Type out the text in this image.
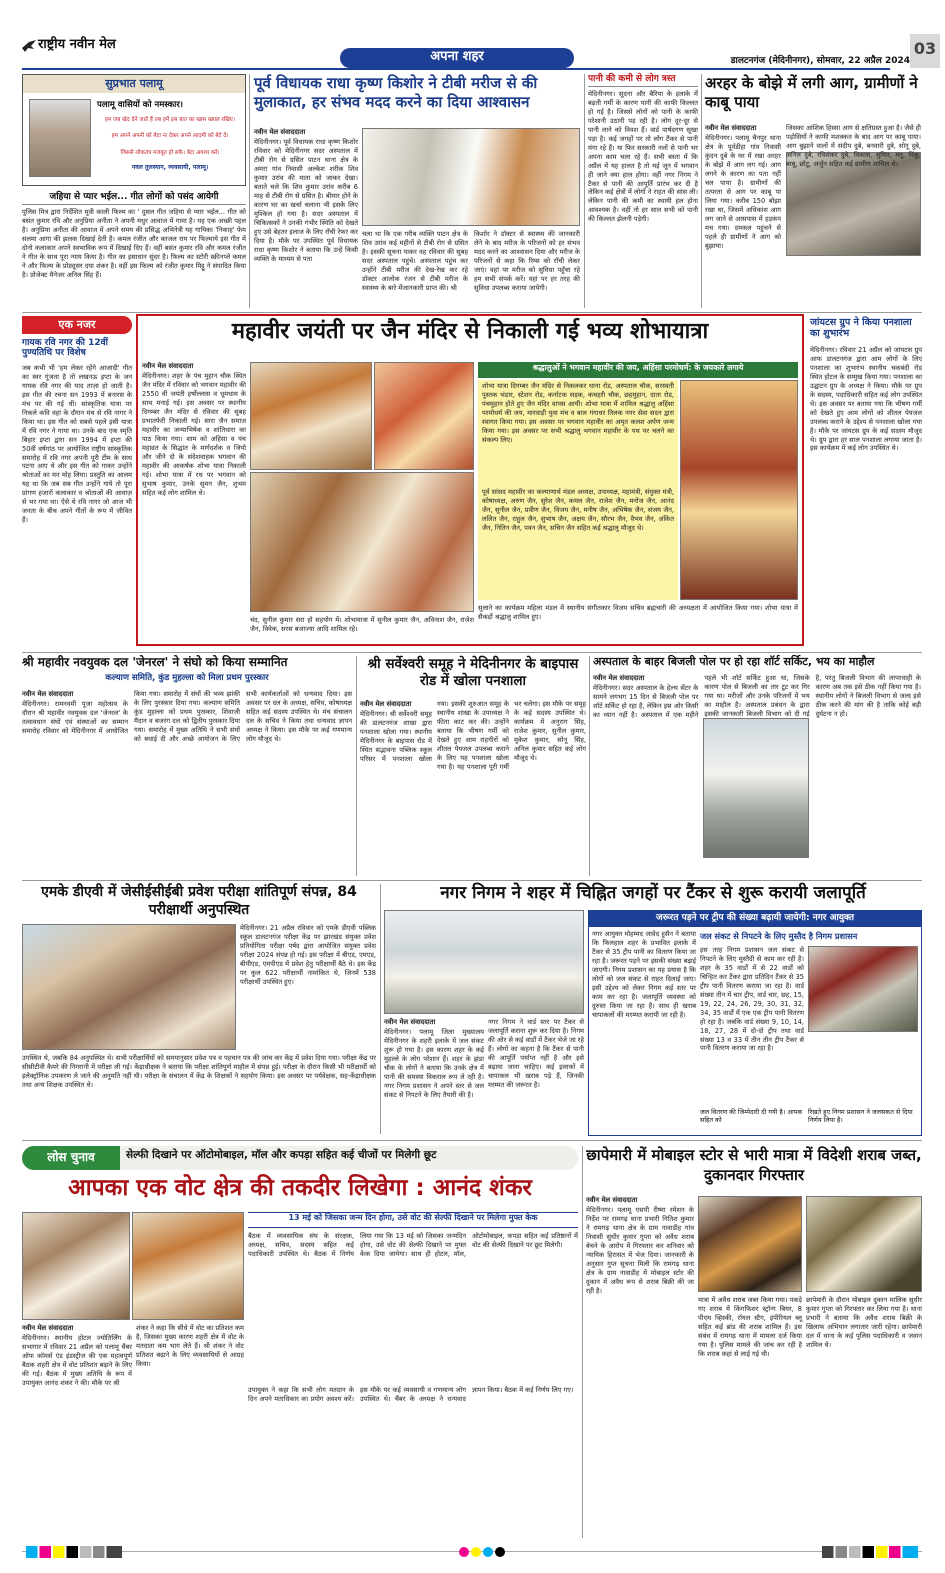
राष्ट्रीय नवीन मेल
अपना शहर	डालटनगंज (मेदिनीनगर), सोमवार, 22 अप्रैल 2024
03
सुप्रभात पलामू
पलामू वासियों को नमस्कार।
हम जब खेद देने जाते हैं तब हमें इस बात का खास ख्याल रखिए।
हम अपने अपनी को बेटा ना देकर अपने आदमी को बेटे दें।
जिससे लोकतंत्र मजबूत हो सके। बेटा अवश्य करें।
नवल तुलस्यान, व्यवसायी, पलामू।
जहिया से प्यार भईल... गीत लोगों को पसंद आयेगी
पुलिस मित्र द्वारा निर्देशित मूवी काली फिल्म का ' दुसल गीत जहिया से प्यार भईल... गीत को बसंत कुमार रवि और अनुप्रिया अनीता ने अपनी मधुर आवाज में गाया है। यह एक अच्छी पहल है। अनुप्रिया अनीता की आवाज में अपने समय की प्रसिद्ध अभिनेत्री यह गायिका 'निकाह' फेम सलमा आगा की झलक दिखाई देती है। कमल रंजीत और काजल राय पर फिल्माये इस गीत में दोनो कलाकार अपने स्वभाविक रूप में दिखाई दिए हैं। वहीं बसंत कुमार रवि और कमल रंजीत ने गीत के साथ पूरा न्याय किया है। गीत का इसाधान सुंदर है। फिल्म का स्टोरी स्क्रीनप्ले कमल ने और फिल्म के प्रोड्यूसर दया शंकर है। वहीं इस फिल्म को रंजीत कुमार मिट्ठू ने संपादित किया है। प्रोजेक्ट मैनेजर अनिल सिंह हैं।
पूर्व विधायक राधा कृष्ण किशोर ने टीबी मरीज से की मुलाकात, हर संभव मदद करने का दिया आश्वासन
नवीन मेल संवाददाता
मेदिनीनगर। पूर्व विधायक राधा कृष्ण किशोर रविवार को मेदिनीनगर सदर अस्पताल में टीबी रोग से ग्रसित पाटन थाना क्षेत्र के अमरा गांव निवासी अल्केश शरीक शिव कुमार उरांव की माता को जाकर देखा। बताते चले कि शिव कुमार उरांव करीब 6 माह से टीबी रोग से ग्रसित है। बीमार होने के कारण घर का खर्चा चलाना भी इसके लिए मुश्किल हो गया है। सदर अस्पताल में चिकित्सकों ने उनकी गंभीर स्थिति को देखते हुए उसे बेहतर इलाज के लिए राँची रेफर कर दिया है। मौके पर उपस्थित पूर्व विधायक राधा कृष्ण किशोर ने बताया कि उन्हें किसी व्यक्ति के माध्यम से पता
चला था कि एक गरीब व्यक्ति पाटन क्षेत्र के शिव उरांव कई महीनों से टीबी रोग से ग्रसित है। इसकी सूचना पाकर वह रविवार की सुबह सदर अस्पताल पहुंचे। अस्पताल पहुंच कर उन्होंने टीबी मरीज की देख-रेख कर रहे डॉक्टर आलोक रंजन से टीबी मरीज के स्वास्थ्य के बारे मेंजानकारी प्राप्त की। श्री
किशोर ने डॉक्टर से स्वास्थ्य की जानकारी लेने के बाद मरीज के परिजनों को हर संभव मदद करने का आश्वासन दिया और मरीज के परिजनों से कहा कि रिम्स को राँची लेकर जाएं। वहां पर मरीज को सुविधा पहुँचा रहे हम सभी संपर्क करें। वहां पर हर तरह की सुविधा उपलब्ध कराया जायेगी।
पानी की कमी से लोग त्रस्त
मेदिनीनगर। सूदना और बैरिया के इलाके में बढ़ती गर्मी के कारण पानी की काफी किल्लत हो गई है। जिससे लोगों को पानी के काफी परेशानी उठानी पड़ रही है। लोग दूर-दूर से पानी लाने को विवश हैं। वार्ड पार्षदगण सूखा पड़ा है। कई जगहों पर तो लोग टैंकर से पानी मंगा रहे हैं। या फिर सरकारी नलों से पानी भर अपना काम चला रहे हैं। सभी बस्ता में कि अप्रैल में यह हालत है तो मई जून में भगवान ही जाने क्या हाल होगा। वहीं नगर निगम ने टैंकर से पानी की आपूर्ति प्रारंभ कर दी है लेकिन कई क्षेत्रों में लोगों ने राहत की सांस ली। लेकिन पानी की कमी का स्थायी हल होना आवश्यक है। वहीं तो हर साल सभी को पानी की किल्लत झेलनी पड़ेगी।
अरहर के बोझे में लगी आग, ग्रामीणों ने काबू पाया
नवीन मेल संवाददाता
मेदिनीनगर। पलामू चैनपुर थाना क्षेत्र के पूर्वडीहा गांव निवासी कुंदन दुबे के घर में रखा अरहर के बोझे में आग लग गई। आग लगने के कारण का पता नहीं चल पाया है। ग्रामीणों की तत्परता से आग पर काबू पा लिया गया। करीब 150 बोझा रखा था, जिसमें अधिकांश आग लग जाने से आसपास में हड़कंप मच गया। दमकल पहुंचने से पहले ही ग्रामीणों ने आग को बुझाया।
जिसका आंशिक हिस्सा आग से क्षतिग्रस्त हुआ है। जैसे ही पड़ोसियों ने काफी मशक्कत के बाद आग पर काबू पाया। आग बुझाने वालों में संदीप दुबे, बनवारी दुबे, सोनू दुबे, अनिल दुबे, रविशंकर दुबे, विकास, सुमित, मनु, पिंकू, बाबू, छोटू, अर्जुन सहित कई ग्रामीण शामिल थे।
एक नजर
गायक रवि नगर की 12वीं पुण्यतिथि पर विशेष
जब कभी भी 'हम लेकर रहेंगे आजादी' गीत का स्वर गूंजता है तो लखनऊ इप्टा के जन गायक रवि नगर की याद ताज़ा हो जाती है। इस गीत की रचना सन 1993 में बनारस के मंच पर की गई थी। सांस्कृतिक यात्रा पर निकले कवि वहां के दौरान मंच से रवि नागर ने किया था। इस गीत को सबसे पहले इसी यात्रा में रवि नगर ने गाया था। उनके बाद एक स्मृति बिहार इप्टा द्वारा सन 1994 में इप्टा की 50वीं वर्षगांठ पर आयोजित राष्ट्रीय सांस्कृतिक समारोह में रवि नगर अपनी पूरी टीम के साथ पटना आए थे और इस गीत को गाकर उन्होंने श्रोताओं का मन मोह लिया। प्रस्तुति का आलम यह था कि जब सब गीत उन्होंने गाये तो पूरा प्रांगण हजारों कलाकार व श्रोताओं की आवाज़ से भर गया था। ऐसे थे रवि नागर जो आज भी जनता के बीच अपने गीतों के रूप में जीवित हैं।
महावीर जयंती पर जैन मंदिर से निकाली गई भव्य शोभायात्रा
नवीन मेल संवाददाता
मेदिनीनगर। शहर के पंच मुहान चौक स्थित जैन मंदिर में रविवार को भगवान महावीर की 2550 वीं जयंती हर्षोल्लास व धूमधाम के साथ मनाई गई। इस अवसर पर स्थानीय दिगम्बर जैन मंदिर से रविवार की सुबह प्रभातफेरी निकाली गई। सारा जैन समाज महावीर का जन्माभिषेक व शांतिधारा का पाठ किया गया। शाम को अहिंसा व पंच महाव्रत के सिद्धांत के मार्गदर्शक व जियो और जीने दो के संदेशवाहक भगवान की महावीर की आकर्षक शोभा यात्रा निकाली गई। शोभा यात्रा में रथ पर भगवान को सुभाष कुमार, उनके सुमन जैन, शुभम सहित कई लोग शामिल थे।
चंद, सुनील कुमार सरा हो सहयोग में। शोभायात्रा में सुनील कुमार जैन, अविनाश जैन, राजेश जैन, विवेक, सरस बजाज्या आदि शामिल रहे।
श्रद्धालुओं ने भगवान महावीर की जय, अहिंसा परमोधर्म: के जयकारे लगाये
शोभा यात्रा दिगम्बर जैन मंदिर से निकलकर थाना रोड, अस्पताल चौक, सरस्वती पुस्तक भंडार, स्टेशन रोड, कर्नाटक सड़क, कचहरी चौक, छहमुहान, दाता रोड, पंचमुहान होते हुए जैन मंदिर वापस आयी। शोभा यात्रा में शामिल श्रद्धालु अहिंसा परमोधर्म की जय, मारवाड़ी युवा मंच व बाल गंगाधर तिलक नगर सेवा सदन द्वारा स्वागत किया गया। इस अवसर पर भगवान महावीर का अमृत कलश अर्पण जन्म किया गया। इस अवसर पर सभी श्रद्धालु भगवान महावीर के पथ पर चलने का संकल्प लिए।
पूर्व सांसद महावीर का कल्याणार्थ मंडल अध्यक्ष, उपाध्यक्ष, महामंत्री, संयुक्त मंत्री, कोषाध्यक्ष, अरुण जैन, सुरेश जैन, कमल जैन, राजेश जैन, मनोज जैन, आनंद जैन, सुनील जैन, प्रवीण जैन, विजय जैन, मनीष जैन, अभिषेक जैन, संजय जैन, ललित जैन, राहुल जैन, सुभाष जैन, अक्षय जैन, सौरभ जैन, वैभव जैन, अंकित जैन, नितिन जैन, पवन जैन, सचिन जैन सहित कई श्रद्धालु मौजूद थे।
सुलाने का कार्यक्रम महिला मंडल में स्थानीय संगीतकार विजय सचिव ब्रह्मचारी की अध्यक्षता में आयोजित किया गया। शोभा यात्रा में सैकड़ों श्रद्धालु शामिल हुए।
जांयटस ग्रुप ने किया पनशाला का शुभारंभ
मेदिनीनगर। रविवार 21 अप्रैल को जांयटस ग्रुप आफ डालटनगंज द्वारा आम लोगों के लिए पनशाला का शुभारंभ स्थानीय चकबंदी रोड स्थित होटल के सम्मुख किया गया। पनशाला का उद्घाटन ग्रुप के अध्यक्ष ने किया। मौके पर ग्रुप के सदस्य, पदाधिकारी सहित कई लोग उपस्थित थे। इस अवसर पर बताया गया कि भीषण गर्मी को देखते हुए आम लोगों को शीतल पेयजल उपलब्ध कराने के उद्देश्य से पनशाला खोला गया है। मौके पर जांयटस ग्रुप के कई सदस्य मौजूद थे। ग्रुप द्वारा हर साल पनशाला लगाया जाता है। इस कार्यक्रम में कई लोग उपस्थित थे।
श्री महावीर नवयुवक दल 'जेनरल' ने संघो को किया सम्मानित
कल्याण समिति, कुंड मुहल्ला को मिला प्रथम पुरस्कार
नवीन मेल संवाददाता
मेदिनीनगर। रामनवमी पूजा महोत्सव के दौरान श्री महावीर नवयुवक दल 'जेनरल' के तत्वावधान संघों एवं संस्थाओं का सम्मान समारोह रविवार को मेदिनीनगर में आयोजित किया गया। समारोह में संघों की भव्य झांकी के लिए पुरस्कार दिया गया। कल्याण समिति कुंड मुहल्ला को प्रथम पुरस्कार, शिवाजी मैदान व बजरंग दल को द्वितीय पुरस्कार दिया गया। समारोह में मुख्य अतिथि ने सभी संघों को बधाई दी और अच्छे आयोजन के लिए सभी कार्यकर्ताओं को धन्यवाद दिया। इस अवसर पर दल के अध्यक्ष, सचिव, कोषाध्यक्ष सहित कई सदस्य उपस्थित थे। मंच संचालन दल के सचिव ने किया तथा धन्यवाद ज्ञापन अध्यक्ष ने किया। इस मौके पर कई गणमान्य लोग मौजूद थे।
श्री सर्वेश्वरी समूह ने मेदिनीनगर के बाइपास रोड में खोला पनशाला
नवीन मेल संवाददाता
मेदिनीनगर। श्री सर्वेश्वरी समूह की डालटनगंज शाखा द्वारा पनशाला खोला गया। स्थानीय मेदिनीनगर के बाइपास रोड में स्थित सद्भावना पब्लिक स्कूल परिसर में पनशाला खोला गया। इसकी शुरुआत समूह के स्थानीय शाखा के उपाध्यक्ष ने फीता काट कर की। उन्होंने बताया कि भीषण गर्मी को देखते हुए आम राहगीरों को शीतल पेयजल उपलब्ध कराने के लिए यह पनशाला खोला गया है। यह पनशाला पूरी गर्मी भर चलेगा। इस मौके पर समूह के कई सदस्य उपस्थित थे। कार्यक्रम में अनुराग सिंह, राजेश कुमार, सुनील कुमार, मुकेश कुमार, सोनू सिंह, अनिल कुमार सहित कई लोग मौजूद थे।
अस्पताल के बाहर बिजली पोल पर हो रहा शॉर्ट सर्किट, भय का माहौल
नवीन मेल संवाददाता
मेदिनीनगर। सदर अस्पताल के हेल्थ सेंटर के सामने लगभग 15 दिन से बिजली पोल पर शॉर्ट सर्किट हो रहा है, लेकिन इस ओर किसी का ध्यान नहीं है। अस्पताल में एक महीने पहले भी शॉर्ट सर्किट हुआ था, जिसके कारण पोल से बिजली का तार टूट कर गिर गया था। मरीजों और उनके परिजनों में भय का माहौल है। अस्पताल प्रबंधन के द्वारा इसकी जानकारी बिजली विभाग को दी गई है, परंतु बिजली विभाग की लापरवाही के कारण अब तक इसे ठीक नहीं किया गया है। स्थानीय लोगों ने बिजली विभाग से जल्द इसे ठीक करने की मांग की है ताकि कोई बड़ी दुर्घटना न हो।
एमके डीएवी में जेसीईसीईबी प्रवेश परीक्षा शांतिपूर्ण संपन्न, 84 परीक्षार्थी अनुपस्थित
मेदिनीनगर। 21 अप्रैल रविवार को एमके डीएवी पब्लिक स्कूल डालटनगंज परीक्षा केंद्र पर झारखंड संयुक्त प्रवेश प्रतियोगिता परीक्षा पर्षद द्वारा आयोजित संयुक्त प्रवेश परीक्षा 2024 संपन्न हो गई। इस परीक्षा में बीएड, एमएड, बीपीएड, एमपीएड में प्रवेश हेतु परीक्षार्थी बैठे थे। इस केंद्र पर कुल 622 परीक्षार्थी नामांकित थे, जिनमें 538 परीक्षार्थी उपस्थित हुए।
उपस्थित थे, जबकि 84 अनुपस्थित थे। सभी परीक्षार्थियों को समयानुसार प्रवेश पत्र व पहचान पत्र की जांच कर केंद्र में प्रवेश दिया गया। परीक्षा केंद्र पर सीसीटीवी कैमरे की निगरानी में परीक्षा ली गई। केंद्राधीक्षक ने बताया कि परीक्षा शांतिपूर्ण माहौल में संपन्न हुई। परीक्षा के दौरान किसी भी परीक्षार्थी को इलेक्ट्रॉनिक उपकरण ले जाने की अनुमति नहीं थी। परीक्षा के संचालन में केंद्र के शिक्षकों ने सहयोग किया। इस अवसर पर पर्यवेक्षक, सह-केंद्राधीक्षक तथा अन्य शिक्षक उपस्थित थे।
नगर निगम ने शहर में चिह्नित जगहों पर टैंकर से शुरू करायी जलापूर्ति
नवीन मेल संवाददाता
मेदिनीनगर। पलामू जिला मुख्यालय मेदिनीनगर के शहरी इलाके में जल संकट शुरू हो गया है। इस कारण शहर के कई मुहल्ले के लोग परेशान हैं। शहर के झंडा चौक के लोगों ने बताया कि उनके क्षेत्र में पानी की समस्या विकराल रूप ले रही है। नगर निगम प्रशासन ने अपने स्तर से जल संकट से निपटने के लिए तैयारी की है।
नगर निगम ने वार्ड स्तर पर टैंकर से जलापूर्ति कराना शुरू कर दिया है। निगम की ओर से कई वार्डों में टैंकर भेजे जा रहे हैं। लोगों का कहना है कि टैंकर से पानी की आपूर्ति पर्याप्त नहीं है और इसे बढ़ाया जाना चाहिए। कई इलाकों में चापाकल भी खराब पड़े हैं, जिनकी मरम्मत की जरूरत है।
जरूरत पड़ने पर ट्रीप की संख्या बढ़ायी जायेगी: नगर आयुक्त
नगर आयुक्त मोहम्मद जावेद हुसैन ने बताया कि फिलहाल शहर के प्रभावित इलाके में टैंकर से 35 ट्रीप पानी का वितरण किया जा रहा है। जरूरत पड़ने पर इसकी संख्या बढ़ाई जाएगी। निगम प्रशासन का यह प्रयास है कि लोगों को जल संकट से राहत दिलाई जाए। इसी उद्देश्य को लेकर निगम कई स्तर पर काम कर रहा है। जलापूर्ति व्यवस्था को दुरुस्त किया जा रहा है। साथ ही खराब चापाकलों की मरम्मत करायी जा रही है।
जल संकट से निपटने के लिए मुस्तैद है निगम प्रशासन
इस तरह निगम प्रशासन जल संकट से निपटने के लिए मुस्तैदी से काम कर रही है। शहर के 35 वार्डों में से 22 वार्डों को चिन्हित कर टैंकर द्वारा प्रतिदिन टैंकर से 35 ट्रीप पानी वितरण कराया जा रहा है। वार्ड संख्या तीन में चार ट्रीप, वार्ड चार, छह, 15, 19, 22, 24, 26, 29, 30, 31, 32, 34, 35 वार्डों में एक एक ट्रीप पानी वितरण हो रहा है। जबकि वार्ड संख्या 9, 10, 14, 18, 27, 28 में दो-दो ट्रीप तथा वार्ड संख्या 13 व 33 में तीन तीन ट्रीप टैंकर से पानी वितरण कराया जा रहा है।
जल वितरण की जिम्मेदारी दी गयी है। आपक सहित को
रिखते हुए निगम प्रशासन ने जलसकत से दिया निर्णय लिया है।
लोस चुनाव	सेल्फी दिखाने पर ऑटोमोबाइल, मॉल और कपड़ा सहित कई चीजों पर मिलेगी छूट
आपका एक वोट क्षेत्र की तकदीर लिखेगा : आनंद शंकर
नवीन मेल संवाददाता
मेदिनीनगर। स्थानीय होटल ज्योतिर्लिंग के सभागार में रविवार 21 अप्रैल को पलामू चैंबर ऑफ कॉमर्स एंड इंडस्ट्रीज की एक महत्वपूर्ण बैठक शहरी क्षेत्र में वोट प्रतिशत बढ़ाने के लिए की गई। बैठक में मुख्य अतिथि के रूप में उपायुक्त आनंद शंकर ने की। मौके पर श्री
शंकर ने कहा कि सीधे में वोट का प्रतिशत कम है, जिसका मुख्य कारण शहरी क्षेत्र में वोट के मतदाता कम भाग लेते हैं। श्री शंकर ने वोट प्रतिशत बढ़ाने के लिए व्यवसायियों से आग्रह किया।
13 मई को जिसका जन्म दिन होगा, उसे वोट की सेल्फी दिखाने पर मिलेगा मुफ्त केक
बैठक में व्यवसायिक संघ के संरक्षक, अध्यक्ष, सचिव, सदस्य सहित कई पदाधिकारी उपस्थित थे। बैठक में निर्णय लिया गया कि 13 मई को जिसका जन्मदिन होगा, उसे वोट की सेल्फी दिखाने पर मुफ्त केक दिया जायेगा। साथ ही होटल, मॉल, ऑटोमोबाइल, कपड़ा सहित कई प्रतिष्ठानों में वोट की सेल्फी दिखाने पर छूट मिलेगी।
उपायुक्त ने कहा कि सभी लोग मतदान के दिन अपने मताधिकार का प्रयोग अवश्य करें। इस मौके पर कई व्यवसायी व गणमान्य लोग उपस्थित थे। चैंबर के अध्यक्ष ने धन्यवाद ज्ञापन किया। बैठक में कई निर्णय लिए गए।
छापेमारी में मोबाइल स्टोर से भारी मात्रा में विदेशी शराब जब्त, दुकानदार गिरफ्तार
नवीन मेल संवाददाता
मेदिनीनगर। पलामू एसपी रीष्मा रमेशन के निर्देश पर रामगढ़ थाना प्रभारी नितिश कुमार ने रामगढ़ थाना क्षेत्र के ग्राम नावाडीह गांव निवासी सुधीर कुमार गुप्ता को अवैध शराब बेचने के आरोप में गिरफ्तार कर शनिवार को न्यायिक हिरासत में भेज दिया। जानकारी के अनुसार गुप्त सूचना मिली कि रामगढ़ थाना क्षेत्र के ग्राम नावाडीह में मोबाइल स्टोर की दुकान में अवैध रूप से शराब बिक्री की जा रही है।
मात्रा में अवैध शराब जब्त किया गया। पकड़े गए शराब में किंगफिशर स्ट्रॉन्ग बियर, 8 पीएम व्हिस्की, रॉयल स्टैग, इंपीरियल ब्लू सहित कई ब्रांड की शराब शामिल हैं। इस संबंध में रामगढ़ थाना में मामला दर्ज किया गया है। पुलिस मामले की जांच कर रही है कि शराब कहां से लाई गई थी।
छापेमारी के दौरान मोबाइल दुकान मालिक सुधीर कुमार गुप्ता को गिरफ्तार कर लिया गया है। थाना प्रभारी ने बताया कि अवैध शराब बिक्री के खिलाफ अभियान लगातार जारी रहेगा। छापेमारी दल में थाना के कई पुलिस पदाधिकारी व जवान शामिल थे।
